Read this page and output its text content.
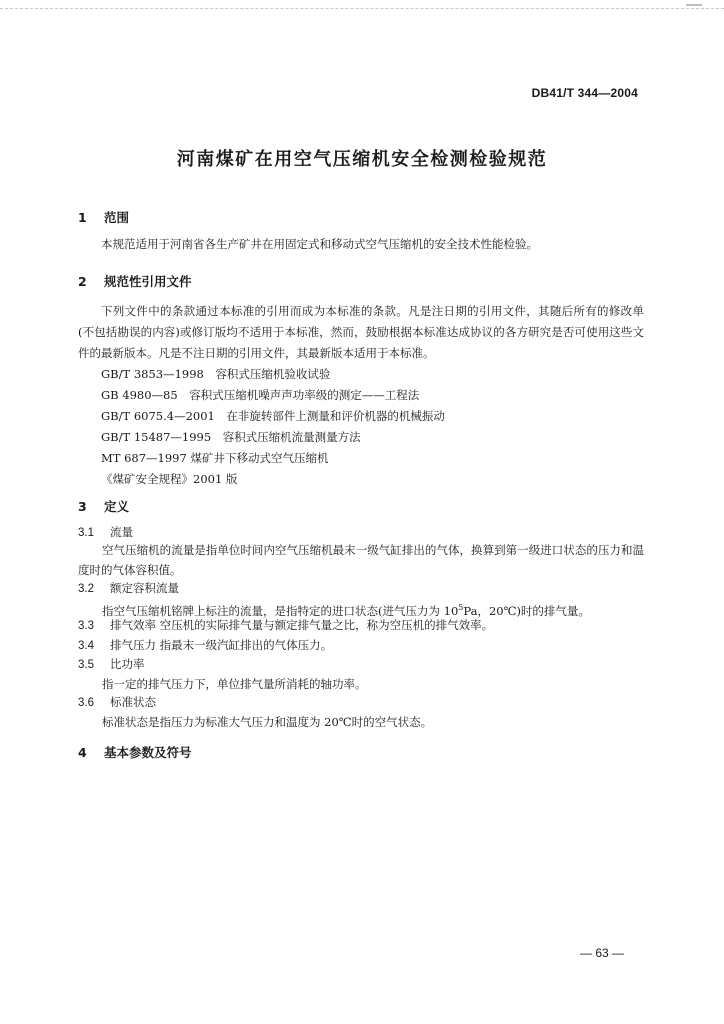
DB41/T 344—2004
河南煤矿在用空气压缩机安全检测检验规范
1 范围
本规范适用于河南省各生产矿井在用固定式和移动式空气压缩机的安全技术性能检验。
2 规范性引用文件
下列文件中的条款通过本标准的引用而成为本标准的条款。凡是注日期的引用文件，其随后所有的修改单(不包括勘误的内容)或修订版均不适用于本标准，然而，鼓励根据本标准达成协议的各方研究是否可使用这些文件的最新版本。凡是不注日期的引用文件，其最新版本适用于本标准。
GB/T 3853—1998　容积式压缩机验收试验
GB 4980—85　容积式压缩机噪声声功率级的测定——工程法
GB/T 6075.4—2001　在非旋转部件上测量和评价机器的机械振动
GB/T 15487—1995　容积式压缩机流量测量方法
MT 687—1997 煤矿井下移动式空气压缩机
《煤矿安全规程》2001 版
3 定义
3.1 流量
空气压缩机的流量是指单位时间内空气压缩机最末一级气缸排出的气体，换算到第一级进口状态的压力和温度时的气体容积值。
3.2 额定容积流量
指空气压缩机铭牌上标注的流量，是指特定的进口状态(进气压力为 $10^5Pa$，20℃)时的排气量。
3.3 排气效率 空压机的实际排气量与额定排气量之比，称为空压机的排气效率。
3.4 排气压力 指最末一级汽缸排出的气体压力。
3.5 比功率
指一定的排气压力下，单位排气量所消耗的轴功率。
3.6 标准状态
标准状态是指压力为标准大气压力和温度为 20℃时的空气状态。
4 基本参数及符号
— 63 —
